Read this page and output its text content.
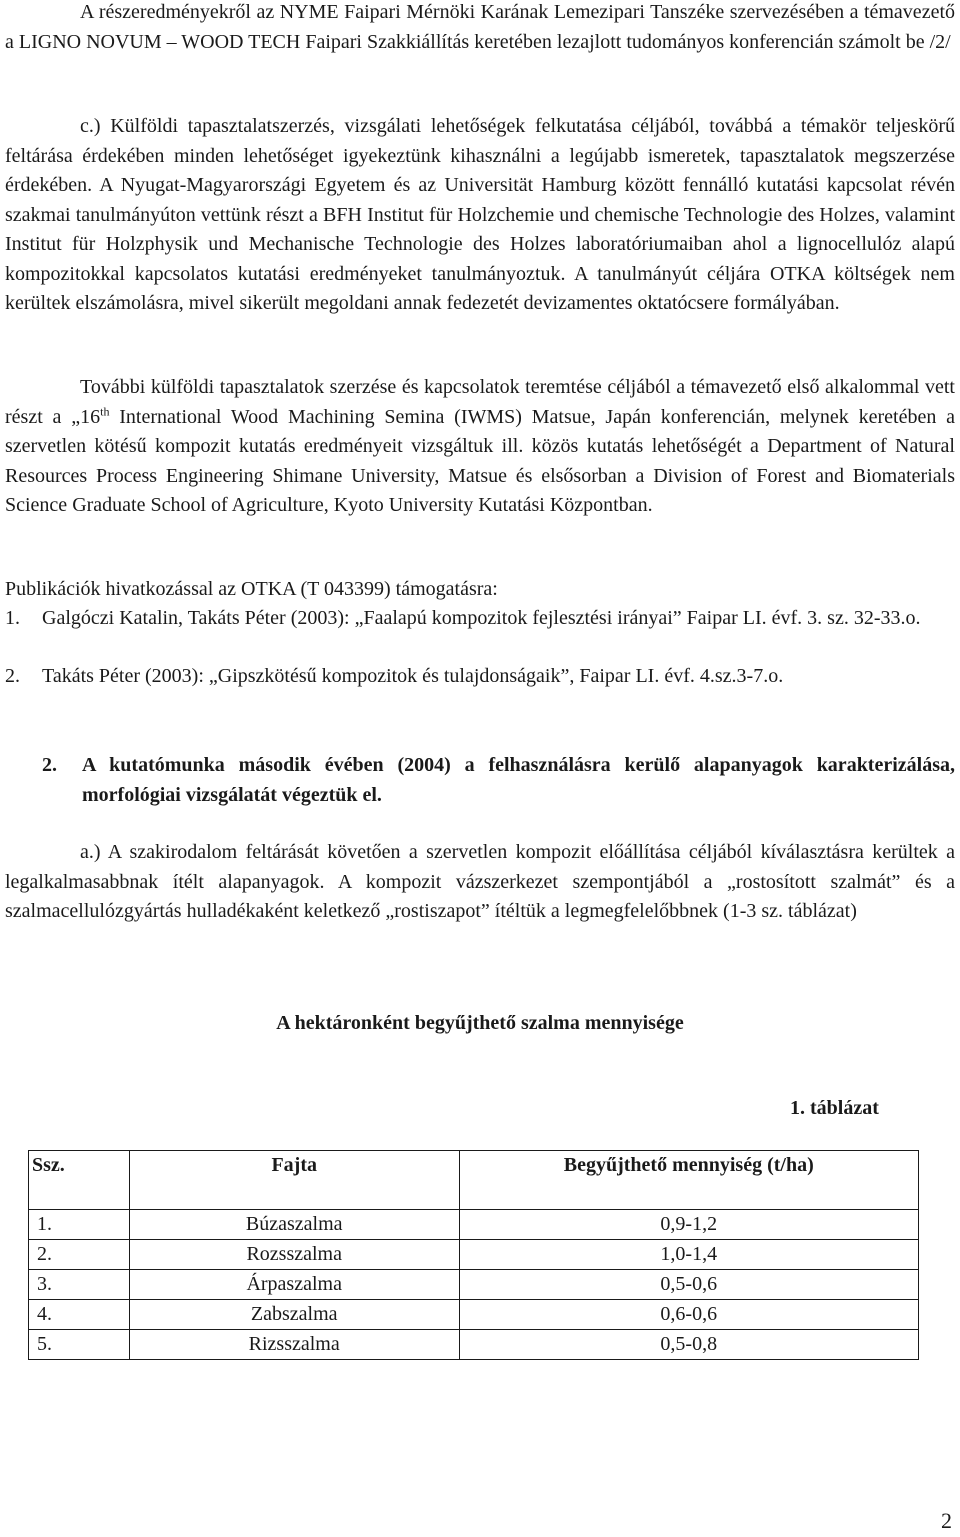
A részeredményekről az NYME Faipari Mérnöki Karának Lemezipari Tanszéke szervezésében a témavezető a LIGNO NOVUM – WOOD TECH Faipari Szakkiállítás keretében lezajlott tudományos konferencián számolt be /2/

c.) Külföldi tapasztalatszerzés, vizsgálati lehetőségek felkutatása céljából, továbbá a témakör teljeskörű feltárása érdekében minden lehetőséget igyekeztünk kihasználni a legújabb ismeretek, tapasztalatok megszerzése érdekében. A Nyugat-Magyarországi Egyetem és az Universität Hamburg között fennálló kutatási kapcsolat révén szakmai tanulmányúton vettünk részt a BFH Institut für Holzchemie und chemische Technologie des Holzes, valamint Institut für Holzphysik und Mechanische Technologie des Holzes laboratóriumaiban ahol a lignocellulóz alapú kompozitokkal kapcsolatos kutatási eredményeket tanulmányoztuk. A tanulmányút céljára OTKA költségek nem kerültek elszámolásra, mivel sikerült megoldani annak fedezetét devizamentes oktatócsere formályában.

További külföldi tapasztalatok szerzése és kapcsolatok teremtése céljából a témavezető első alkalommal vett részt a „16th International Wood Machining Semina (IWMS) Matsue, Japán konferencián, melynek keretében a szervetlen kötésű kompozit kutatás eredményeit vizsgáltuk ill. közös kutatás lehetőségét a Department of Natural Resources Process Engineering Shimane University, Matsue és elsősorban a Division of Forest and Biomaterials Science Graduate School of Agriculture, Kyoto University Kutatási Központban.

Publikációk hivatkozással az OTKA (T 043399) támogatásra:

1. Galgóczi Katalin, Takáts Péter (2003): „Faalapú kompozitok fejlesztési irányai” Faipar LI. évf. 3. sz. 32-33.o.
2. Takáts Péter (2003): „Gipszkötésű kompozitok és tulajdonságaik”, Faipar LI. évf. 4.sz.3-7.o.
2. A kutatómunka második évében (2004) a felhasználásra kerülő alapanyagok karakterizálása, morfológiai vizsgálatát végeztük el.

a.) A szakirodalom feltárását követően a szervetlen kompozit előállítása céljából kíválasztásra kerültek a legalkalmasabbnak ítélt alapanyagok. A kompozit vázszerkezet szempontjából a „rostosított szalmát” és a szalmacellulózgyártás hulladékaként keletkező „rostiszapot” ítéltük a legmegfelelőbbnek (1-3 sz. táblázat)

A hektáronként begyűjthető szalma mennyisége
1. táblázat
Ssz.	Fajta	Begyűjthető mennyiség (t/ha)
1.	Búzaszalma	0,9-1,2
2.	Rozsszalma	1,0-1,4
3.	Árpaszalma	0,5-0,6
4.	Zabszalma	0,6-0,6
5.	Rizsszalma	0,5-0,8
2
